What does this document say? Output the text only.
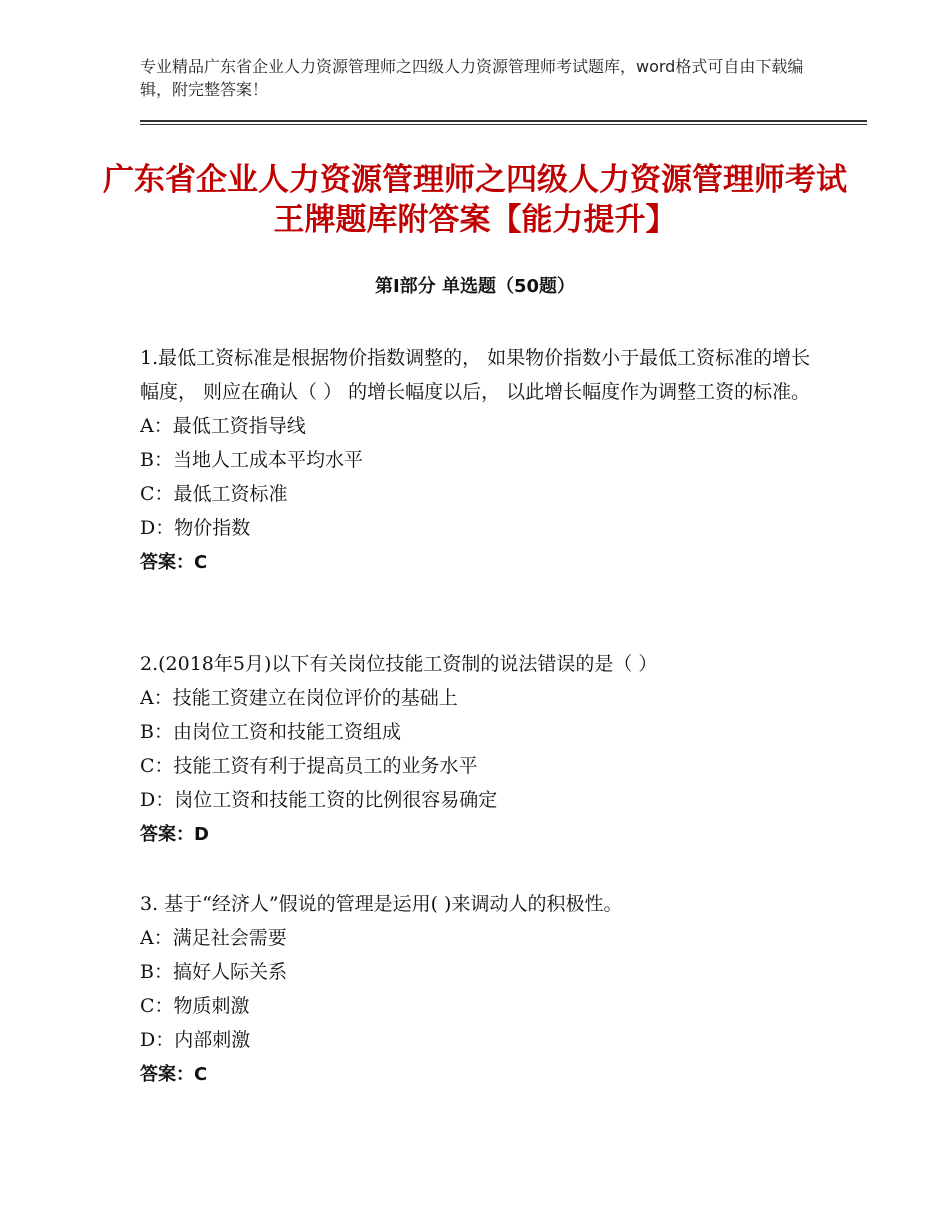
专业精品广东省企业人力资源管理师之四级人力资源管理师考试题库，word格式可自由下载编辑，附完整答案！
广东省企业人力资源管理师之四级人力资源管理师考试王牌题库附答案【能力提升】
第I部分 单选题（50题）
1.最低工资标准是根据物价指数调整的， 如果物价指数小于最低工资标准的增长幅度， 则应在确认（ ） 的增长幅度以后， 以此增长幅度作为调整工资的标准。
A：最低工资指导线
B：当地人工成本平均水平
C：最低工资标准
D：物价指数
答案：C
2.(2018年5月)以下有关岗位技能工资制的说法错误的是（ ）
A：技能工资建立在岗位评价的基础上
B：由岗位工资和技能工资组成
C：技能工资有利于提高员工的业务水平
D：岗位工资和技能工资的比例很容易确定
答案：D
3. 基于“经济人”假说的管理是运用( )来调动人的积极性。
A：满足社会需要
B：搞好人际关系
C：物质刺激
D：内部刺激
答案：C
